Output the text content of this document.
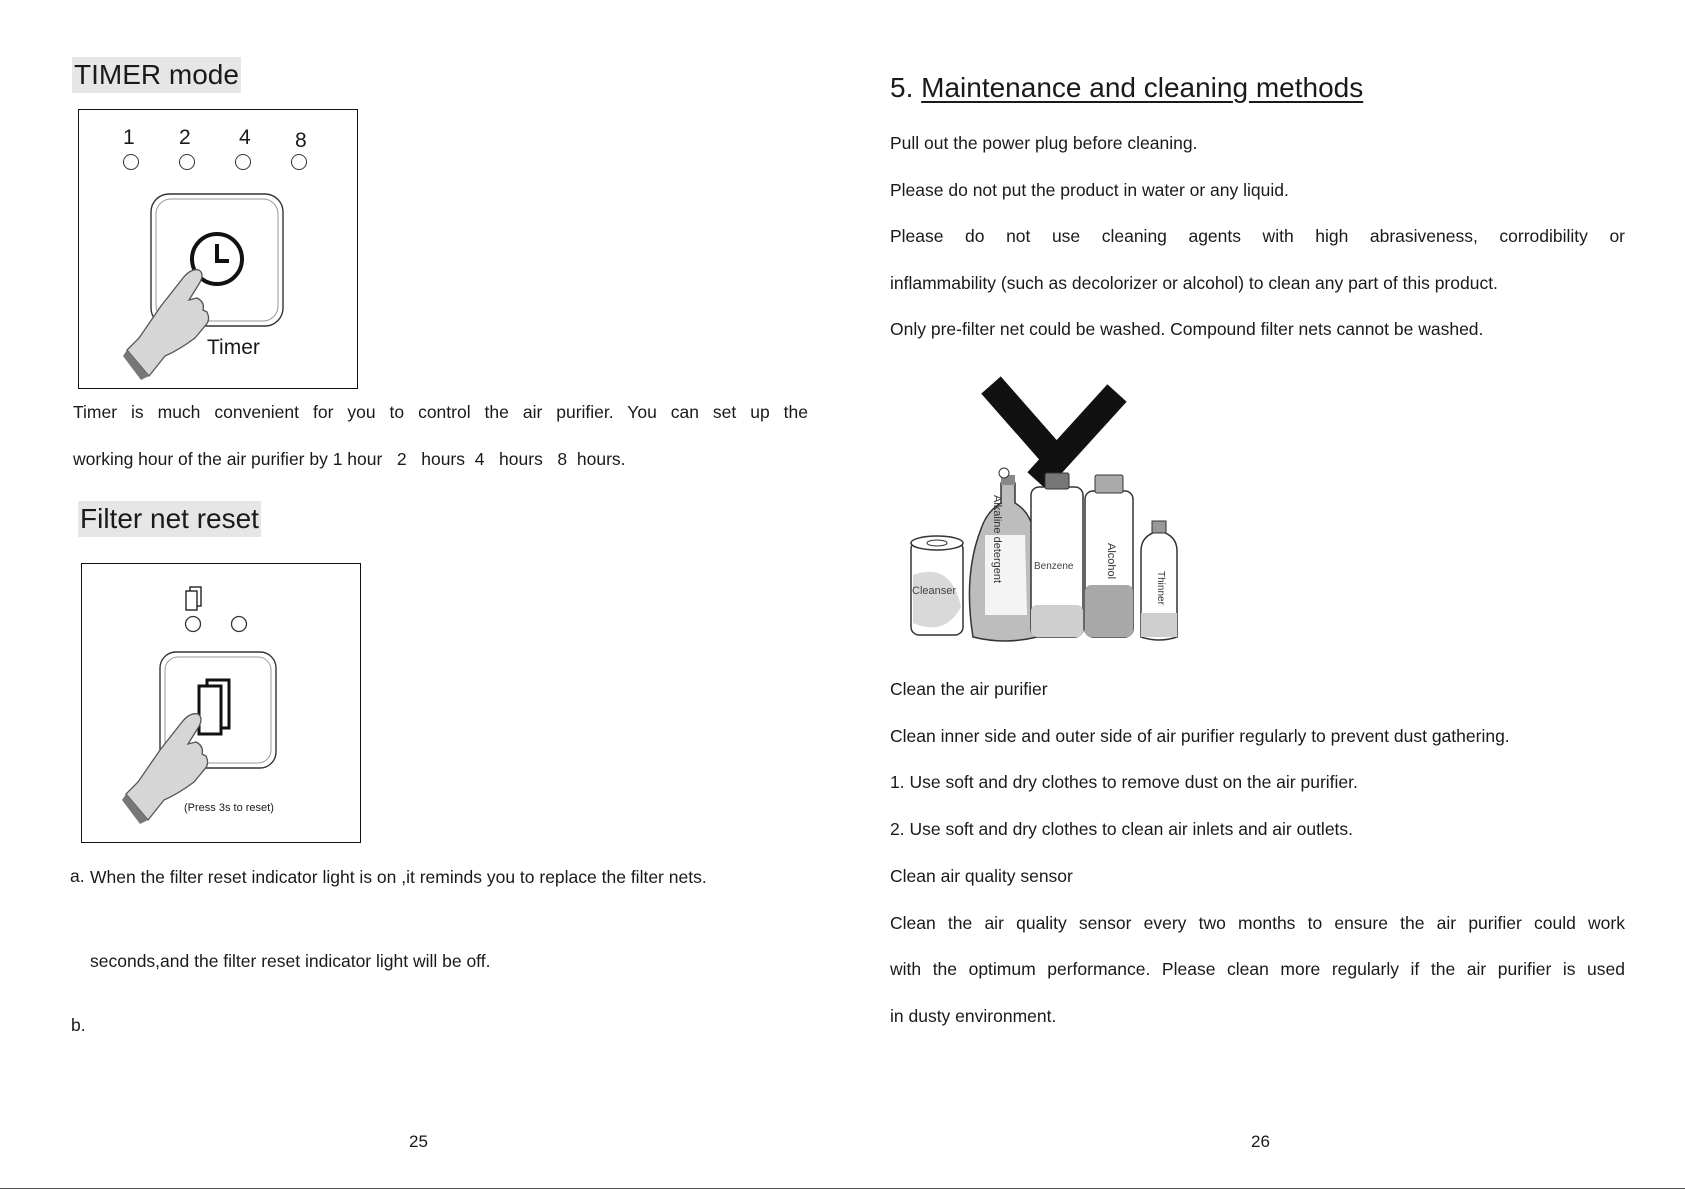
TIMER mode
1 2 4 8
Timer
Timer is much convenient for you to control the air purifier. You can set up the
working hour of the air purifier by 1 hour   2   hours  4   hours   8  hours.
Filter net reset
(Press 3s to reset)
a. When the filter reset indicator light is on ,it reminds you to replace the filter nets.
seconds,and the filter reset indicator light will be off.
b.
25
5. Maintenance and cleaning methods
Pull out the power plug before cleaning.
Please do not put the product in water or any liquid.
Please do not use cleaning agents with high abrasiveness, corrodibility or
inflammability (such as decolorizer or alcohol) to clean any part of this product.
Only pre-filter net could be washed. Compound filter nets cannot be washed.
Cleanser
Alkaline detergent	Benzene	Alcohol
Thinner
Clean the air purifier
Clean inner side and outer side of air purifier regularly to prevent dust gathering.
1. Use soft and dry clothes to remove dust on the air purifier.
2. Use soft and dry clothes to clean air inlets and air outlets.
Clean air quality sensor
Clean the air quality sensor every two months to ensure the air purifier could work
with the optimum performance. Please clean more regularly if the air purifier is used
in dusty environment.
26
